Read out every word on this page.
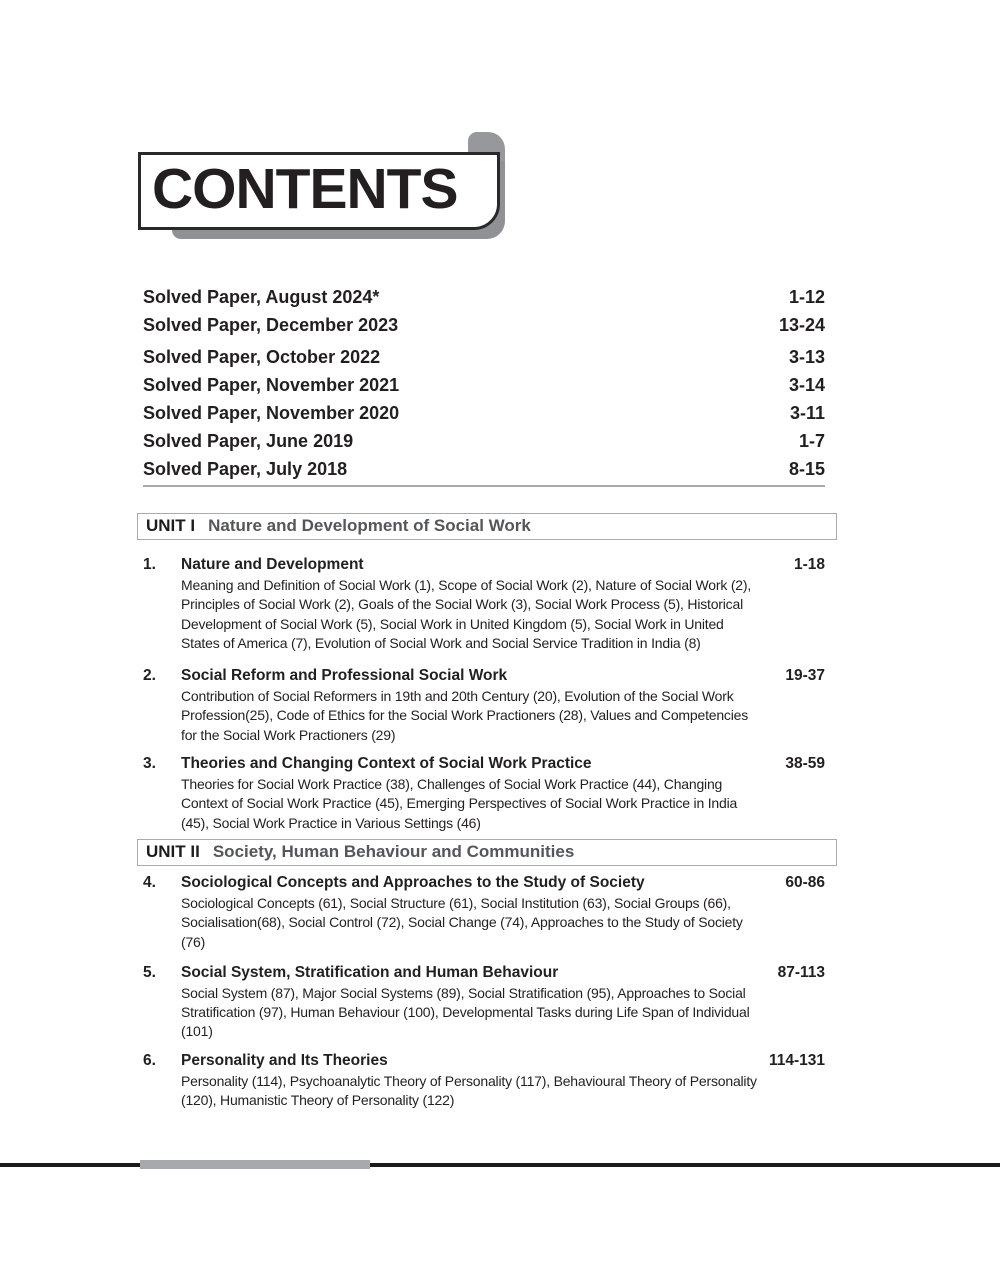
CONTENTS
Solved Paper, August 2024*	1-12
Solved Paper, December 2023	13-24
Solved Paper, October 2022	3-13
Solved Paper, November 2021	3-14
Solved Paper, November 2020	3-11
Solved Paper, June 2019	1-7
Solved Paper, July 2018	8-15
UNIT I Nature and Development of Social Work
1.	Nature and Development	1-18
Meaning and Definition of Social Work (1), Scope of Social Work (2), Nature of Social Work (2), Principles of Social Work (2), Goals of the Social Work (3), Social Work Process (5), Historical Development of Social Work (5), Social Work in United Kingdom (5), Social Work in United States of America (7), Evolution of Social Work and Social Service Tradition in India (8)
2.	Social Reform and Professional Social Work	19-37
Contribution of Social Reformers in 19th and 20th Century (20), Evolution of the Social Work Profession(25), Code of Ethics for the Social Work Practioners (28), Values and Competencies for the Social Work Practioners (29)
3.	Theories and Changing Context of Social Work Practice	38-59
Theories for Social Work Practice (38), Challenges of Social Work Practice (44), Changing Context of Social Work Practice (45), Emerging Perspectives of Social Work Practice in India (45), Social Work Practice in Various Settings (46)
UNIT II Society, Human Behaviour and Communities
4.	Sociological Concepts and Approaches to the Study of Society	60-86
Sociological Concepts (61), Social Structure (61), Social Institution (63), Social Groups (66), Socialisation(68), Social Control (72), Social Change (74), Approaches to the Study of Society (76)
5.	Social System, Stratification and Human Behaviour	87-113
Social System (87), Major Social Systems (89), Social Stratification (95), Approaches to Social Stratification (97), Human Behaviour (100), Developmental Tasks during Life Span of Individual (101)
6.	Personality and Its Theories	114-131
Personality (114), Psychoanalytic Theory of Personality (117), Behavioural Theory of Personality (120), Humanistic Theory of Personality (122)
